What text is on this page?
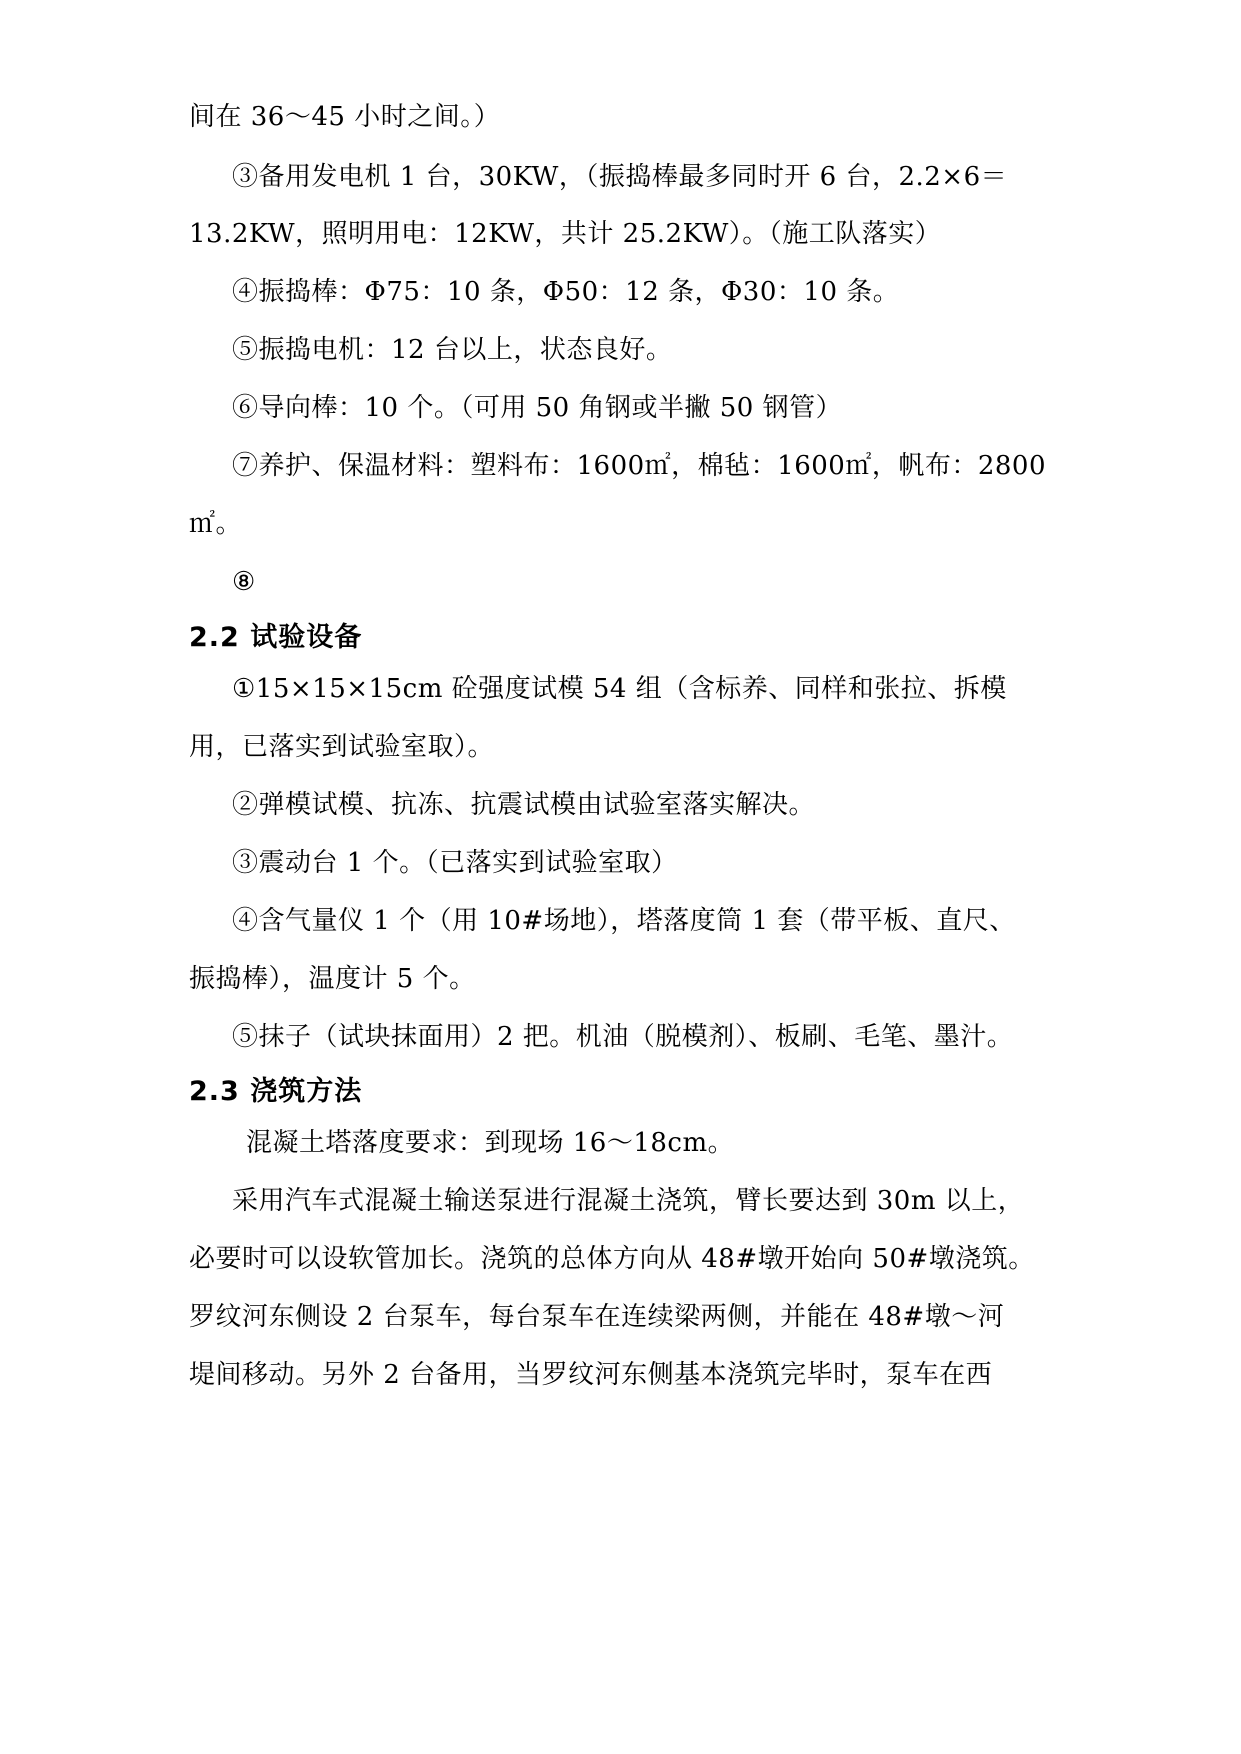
间在 36～45 小时之间。）
③备用发电机 1 台，30KW，（振捣棒最多同时开 6 台，2.2×6＝
13.2KW，照明用电：12KW，共计 25.2KW）。（施工队落实）
④振捣棒：Φ75：10 条，Φ50：12 条，Φ30：10 条。
⑤振捣电机：12 台以上，状态良好。
⑥导向棒：10 个。（可用 50 角钢或半撇 50 钢管）
⑦养护、保温材料：塑料布：1600㎡，棉毡：1600㎡，帆布：2800
㎡。
⑧
2.2 试验设备
①15×15×15cm 砼强度试模 54 组（含标养、同样和张拉、拆模
用，已落实到试验室取）。
②弹模试模、抗冻、抗震试模由试验室落实解决。
③震动台 1 个。（已落实到试验室取）
④含气量仪 1 个（用 10#场地），塔落度筒 1 套（带平板、直尺、
振捣棒），温度计 5 个。
⑤抹子（试块抹面用）2 把。机油（脱模剂）、板刷、毛笔、墨汁。
2.3 浇筑方法
混凝土塔落度要求：到现场 16～18cm。
采用汽车式混凝土输送泵进行混凝土浇筑，臂长要达到 30m 以上，
必要时可以设软管加长。浇筑的总体方向从 48#墩开始向 50#墩浇筑。
罗纹河东侧设 2 台泵车，每台泵车在连续梁两侧，并能在 48#墩～河
堤间移动。另外 2 台备用，当罗纹河东侧基本浇筑完毕时，泵车在西
